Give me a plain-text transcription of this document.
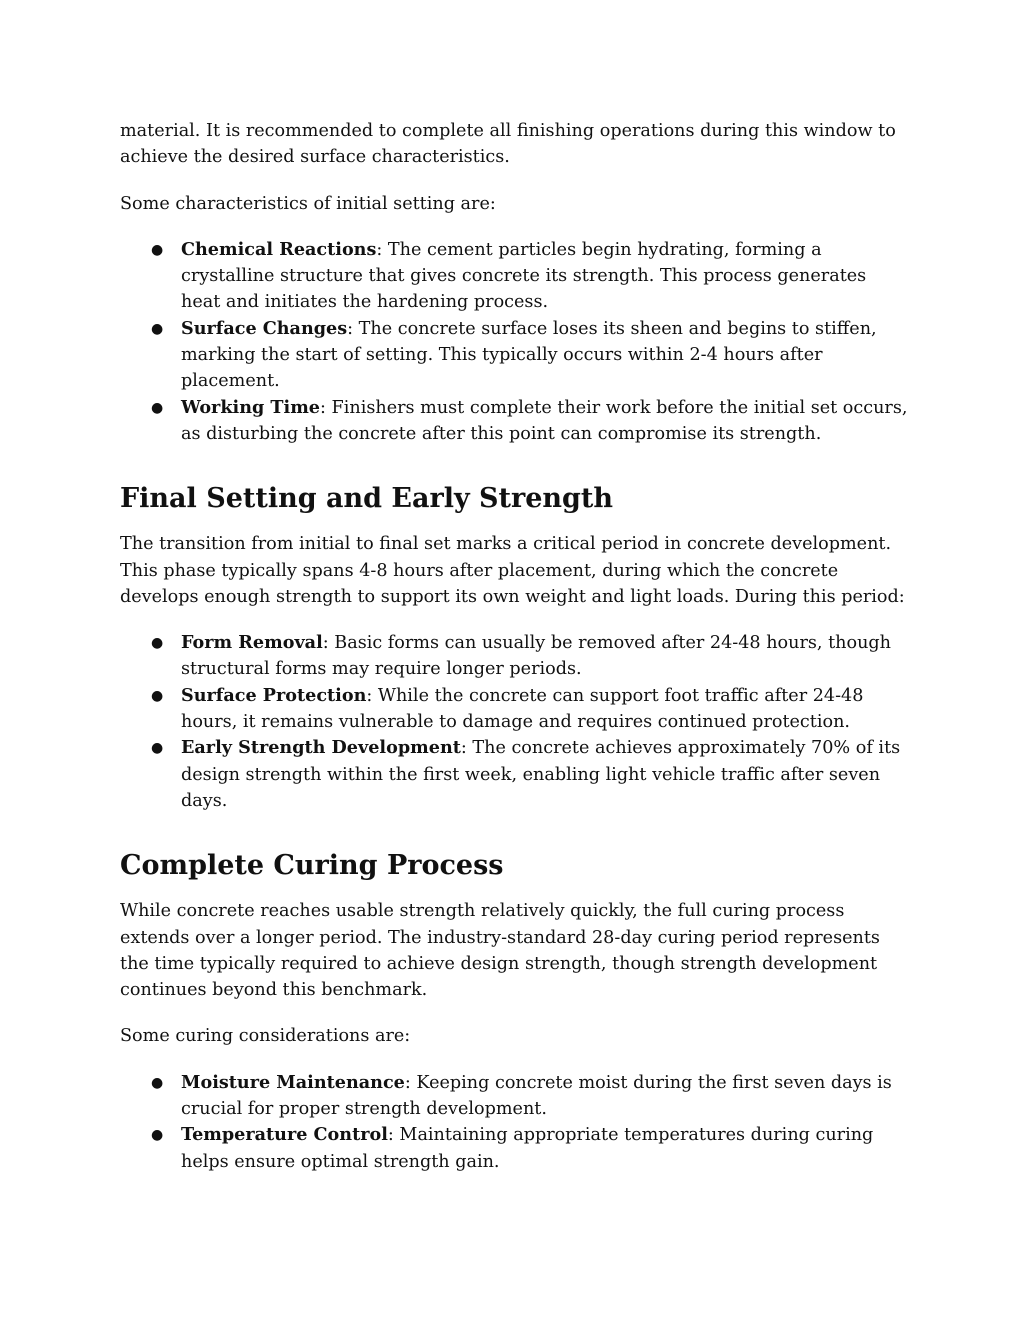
material. It is recommended to complete all finishing operations during this window to achieve the desired surface characteristics.

Some characteristics of initial setting are:

● Chemical Reactions: The cement particles begin hydrating, forming a crystalline structure that gives concrete its strength. This process generates heat and initiates the hardening process.
● Surface Changes: The concrete surface loses its sheen and begins to stiffen, marking the start of setting. This typically occurs within 2-4 hours after placement.
● Working Time: Finishers must complete their work before the initial set occurs, as disturbing the concrete after this point can compromise its strength.
Final Setting and Early Strength

The transition from initial to final set marks a critical period in concrete development. This phase typically spans 4-8 hours after placement, during which the concrete develops enough strength to support its own weight and light loads. During this period:

● Form Removal: Basic forms can usually be removed after 24-48 hours, though structural forms may require longer periods.
● Surface Protection: While the concrete can support foot traffic after 24-48 hours, it remains vulnerable to damage and requires continued protection.
● Early Strength Development: The concrete achieves approximately 70% of its design strength within the first week, enabling light vehicle traffic after seven days.
Complete Curing Process

While concrete reaches usable strength relatively quickly, the full curing process extends over a longer period. The industry-standard 28-day curing period represents the time typically required to achieve design strength, though strength development continues beyond this benchmark.

Some curing considerations are:

● Moisture Maintenance: Keeping concrete moist during the first seven days is crucial for proper strength development.
● Temperature Control: Maintaining appropriate temperatures during curing helps ensure optimal strength gain.
